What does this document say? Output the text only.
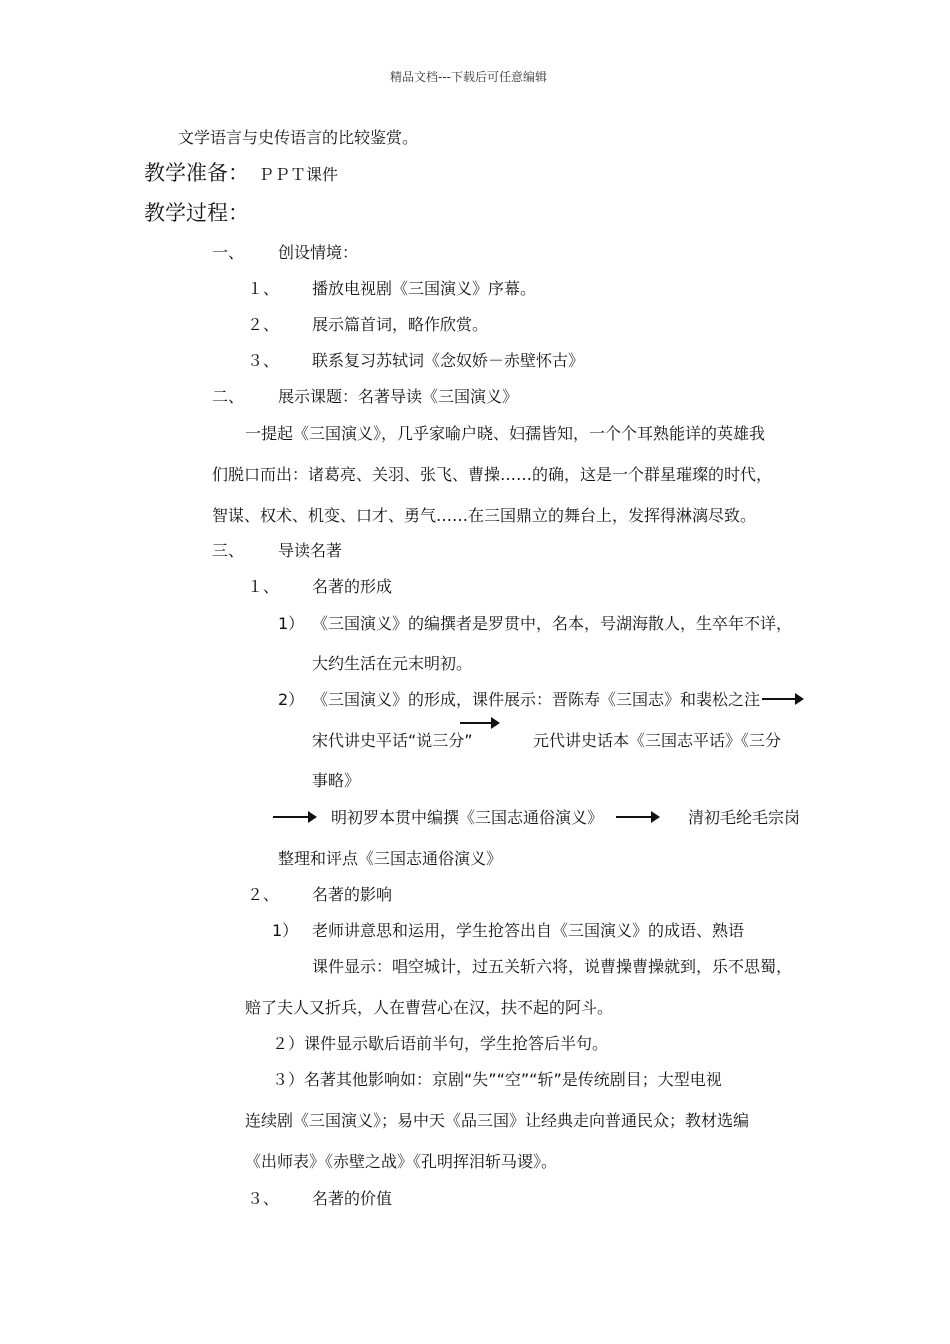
精品文档---下载后可任意编辑
文学语言与史传语言的比较鉴赏。
教学准备： ＰＰＴ课件
教学过程：
一、 创设情境：
１、 播放电视剧《三国演义》序幕。
２、 展示篇首词，略作欣赏。
３、 联系复习苏轼词《念奴娇－赤壁怀古》
二、 展示课题：名著导读《三国演义》
一提起《三国演义》，几乎家喻户晓、妇孺皆知，一个个耳熟能详的英雄我
们脱口而出：诸葛亮、关羽、张飞、曹操……的确，这是一个群星璀璨的时代，
智谋、权术、机变、口才、勇气……在三国鼎立的舞台上，发挥得淋漓尽致。
三、 导读名著
１、 名著的形成
1） 《三国演义》的编撰者是罗贯中，名本，号湖海散人，生卒年不详，
大约生活在元末明初。
2） 《三国演义》的形成，课件展示：晋陈寿《三国志》和裴松之注
宋代讲史平话“说三分”	元代讲史话本《三国志平话》《三分
事略》
明初罗本贯中编撰《三国志通俗演义》	清初毛纶毛宗岗
整理和评点《三国志通俗演义》
２、 名著的影响
1） 老师讲意思和运用，学生抢答出自《三国演义》的成语、熟语
课件显示：唱空城计，过五关斩六将，说曹操曹操就到，乐不思蜀，
赔了夫人又折兵，人在曹营心在汉，扶不起的阿斗。
２）课件显示歇后语前半句，学生抢答后半句。
３）名著其他影响如：京剧“失”“空”“斩”是传统剧目；大型电视
连续剧《三国演义》；易中天《品三国》让经典走向普通民众；教材选编
《出师表》《赤壁之战》《孔明挥泪斩马谡》。
３、 名著的价值
